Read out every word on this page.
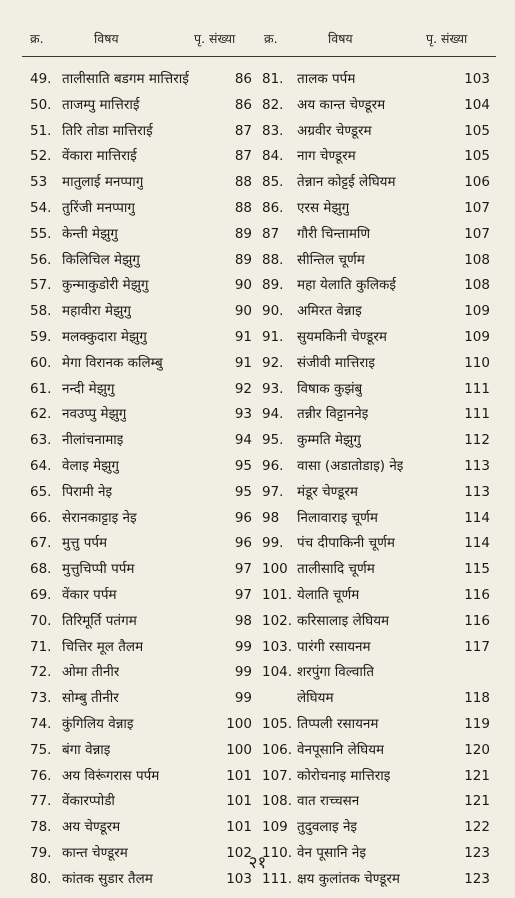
क्र.	विषय	पृ. संख्या क्र.	विषय	पृ. संख्या
49. तालीसाति बडगम मात्तिराई	86 81. तालक पर्पम	103
50. ताजम्पु मात्तिराई	86 82. अय कान्त चेण्डूरम	104
51. तिरि तोडा मात्तिराई	87 83. अग्रवीर चेण्डूरम	105
52. वेंकारा मात्तिराई	87 84. नाग चेण्डूरम	105
53 मातुलाई मनप्पागु	88 85. तेन्नान कोट्टई लेघियम	106
54. तुरिंजी मनप्पागु	88 86. एरस मेझुगु	107
55. केन्ती मेझुगु	89 87 गौरी चिन्तामणि	107
56. किलिचिल मेझुगु	89 88. सीन्तिल चूर्णम	108
57. कुन्माकुडोरी मेझुगु	90 89. महा येलाति कुलिकई	108
58. महावीरा मेझुगु	90 90. अमिरत वेन्नाइ	109
59. मलक्कुदारा मेझुगु	91 91. सुयमकिनी चेण्डूरम	109
60. मेगा विरानक कलिम्बु	91 92. संजीवी मात्तिराइ	110
61. नन्दी मेझुगु	92 93. विषाक कुझंबु	111
62. नवउप्पु मेझुगु	93 94. तन्नीर विट्टाननेइ	111
63. नीलांचनामाइ	94 95. कुम्मति मेझुगु	112
64. वेलाइ मेझुगु	95 96. वासा (अडातोडाइ) नेइ	113
65. पिरामी नेइ	95 97. मंडूर चेण्डूरम	113
66. सेरानकाट्टाइ नेइ	96 98 निलावाराइ चूर्णम	114
67. मुत्तु पर्पम	96 99. पंच दीपाकिनी चूर्णम	114
68. मुत्तुचिप्पी पर्पम	97 100 तालीसादि चूर्णम	115
69. वेंकार पर्पम	97 101. येलाति चूर्णम	116
70. तिरिमूर्ति पतंगम	98 102. करिसालाइ लेघियम	116
71. चित्तिर मूल तैलम	99 103. पारंगी रसायनम	117
72. ओमा तीनीर	99 104. शरपुंगा विल्वाति
73. सोम्बु तीनीर	99	लेघियम	118
74. कुंगिलिय वेन्नाइ	100 105. तिप्पली रसायनम	119
75. बंगा वेन्नाइ	100 106. वेनपूसानि लेघियम	120
76. अय विरूंगरास पर्पम	101 107. कोरोचनाइ मात्तिराइ	121
77. वेंकारप्पोडी	101 108. वात राच्चसन	121
78. अय चेण्डूरम	101 109 तुदुवलाइ नेइ	122
79. कान्त चेण्डूरम	102 110. वेन पूसानि नेइ	123
80. कांतक सुडार तैलम	103 111. क्षय कुलांतक चेण्डूरम	123
२१
